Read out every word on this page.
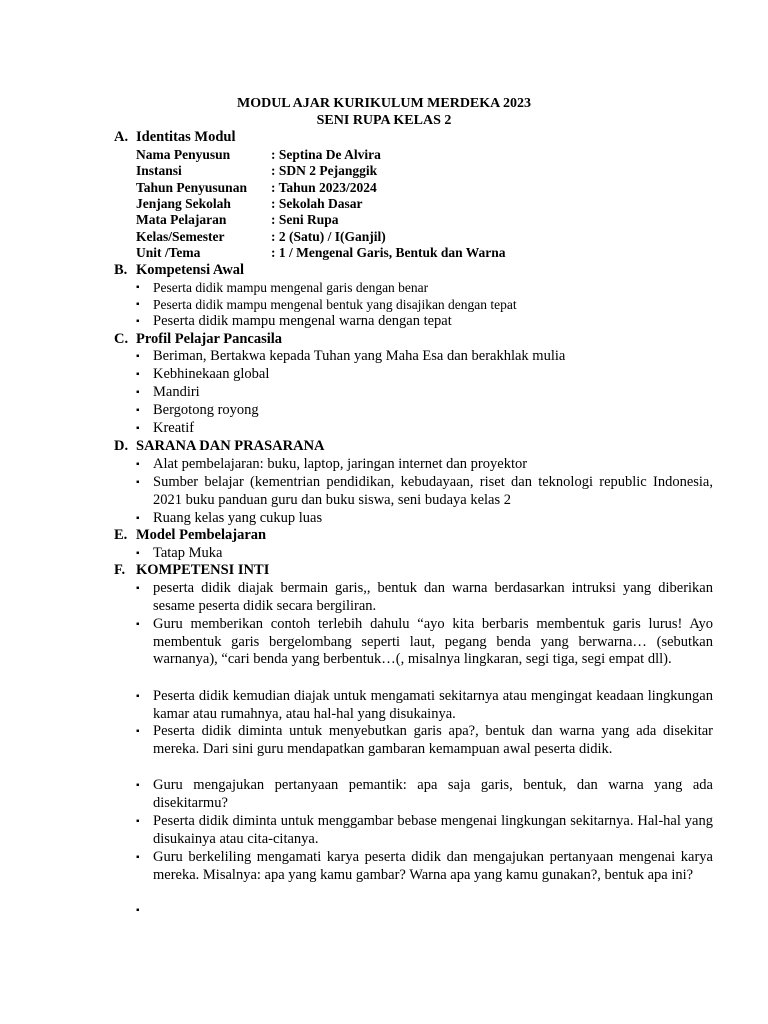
MODUL AJAR KURIKULUM MERDEKA 2023
SENI RUPA KELAS 2
A. Identitas Modul
Nama Penyusun	: Septina De Alvira
Instansi	: SDN 2 Pejanggik
Tahun Penyusunan : Tahun 2023/2024
Jenjang Sekolah	: Sekolah Dasar
Mata Pelajaran	: Seni Rupa
Kelas/Semester	: 2 (Satu) / I(Ganjil)
Unit /Tema	: 1 / Mengenal Garis, Bentuk dan Warna
B. Kompetensi Awal
▪ Peserta didik mampu mengenal garis dengan benar
▪ Peserta didik mampu mengenal bentuk yang disajikan dengan tepat
▪ Peserta didik mampu mengenal warna dengan tepat
C. Profil Pelajar Pancasila
▪ Beriman, Bertakwa kepada Tuhan yang Maha Esa dan berakhlak mulia
▪ Kebhinekaan global
▪ Mandiri
▪ Bergotong royong
▪ Kreatif
D. SARANA DAN PRASARANA
▪ Alat pembelajaran: buku, laptop, jaringan internet dan proyektor
▪ Sumber belajar (kementrian pendidikan, kebudayaan, riset dan teknologi republic Indonesia, 2021 buku panduan guru dan buku siswa, seni budaya kelas 2
▪ Ruang kelas yang cukup luas
E. Model Pembelajaran
▪ Tatap Muka
F. KOMPETENSI INTI
▪ peserta didik diajak bermain garis,, bentuk dan warna berdasarkan intruksi yang diberikan sesame peserta didik secara bergiliran.
▪ Guru memberikan contoh terlebih dahulu “ayo kita berbaris membentuk garis lurus! Ayo membentuk garis bergelombang seperti laut, pegang benda yang berwarna… (sebutkan warnanya), “cari benda yang berbentuk…(, misalnya lingkaran, segi tiga, segi empat dll).
▪ Peserta didik kemudian diajak untuk mengamati sekitarnya atau mengingat keadaan lingkungan kamar atau rumahnya, atau hal-hal yang disukainya.
▪ Peserta didik diminta untuk menyebutkan garis apa?, bentuk dan warna yang ada disekitar mereka. Dari sini guru mendapatkan gambaran kemampuan awal peserta didik.
▪ Guru mengajukan pertanyaan pemantik: apa saja garis, bentuk, dan warna yang ada disekitarmu?
▪ Peserta didik diminta untuk menggambar bebase mengenai lingkungan sekitarnya. Hal-hal yang disukainya atau cita-citanya.
▪ Guru berkeliling mengamati karya peserta didik dan mengajukan pertanyaan mengenai karya mereka. Misalnya: apa yang kamu gambar? Warna apa yang kamu gunakan?, bentuk apa ini?
▪
